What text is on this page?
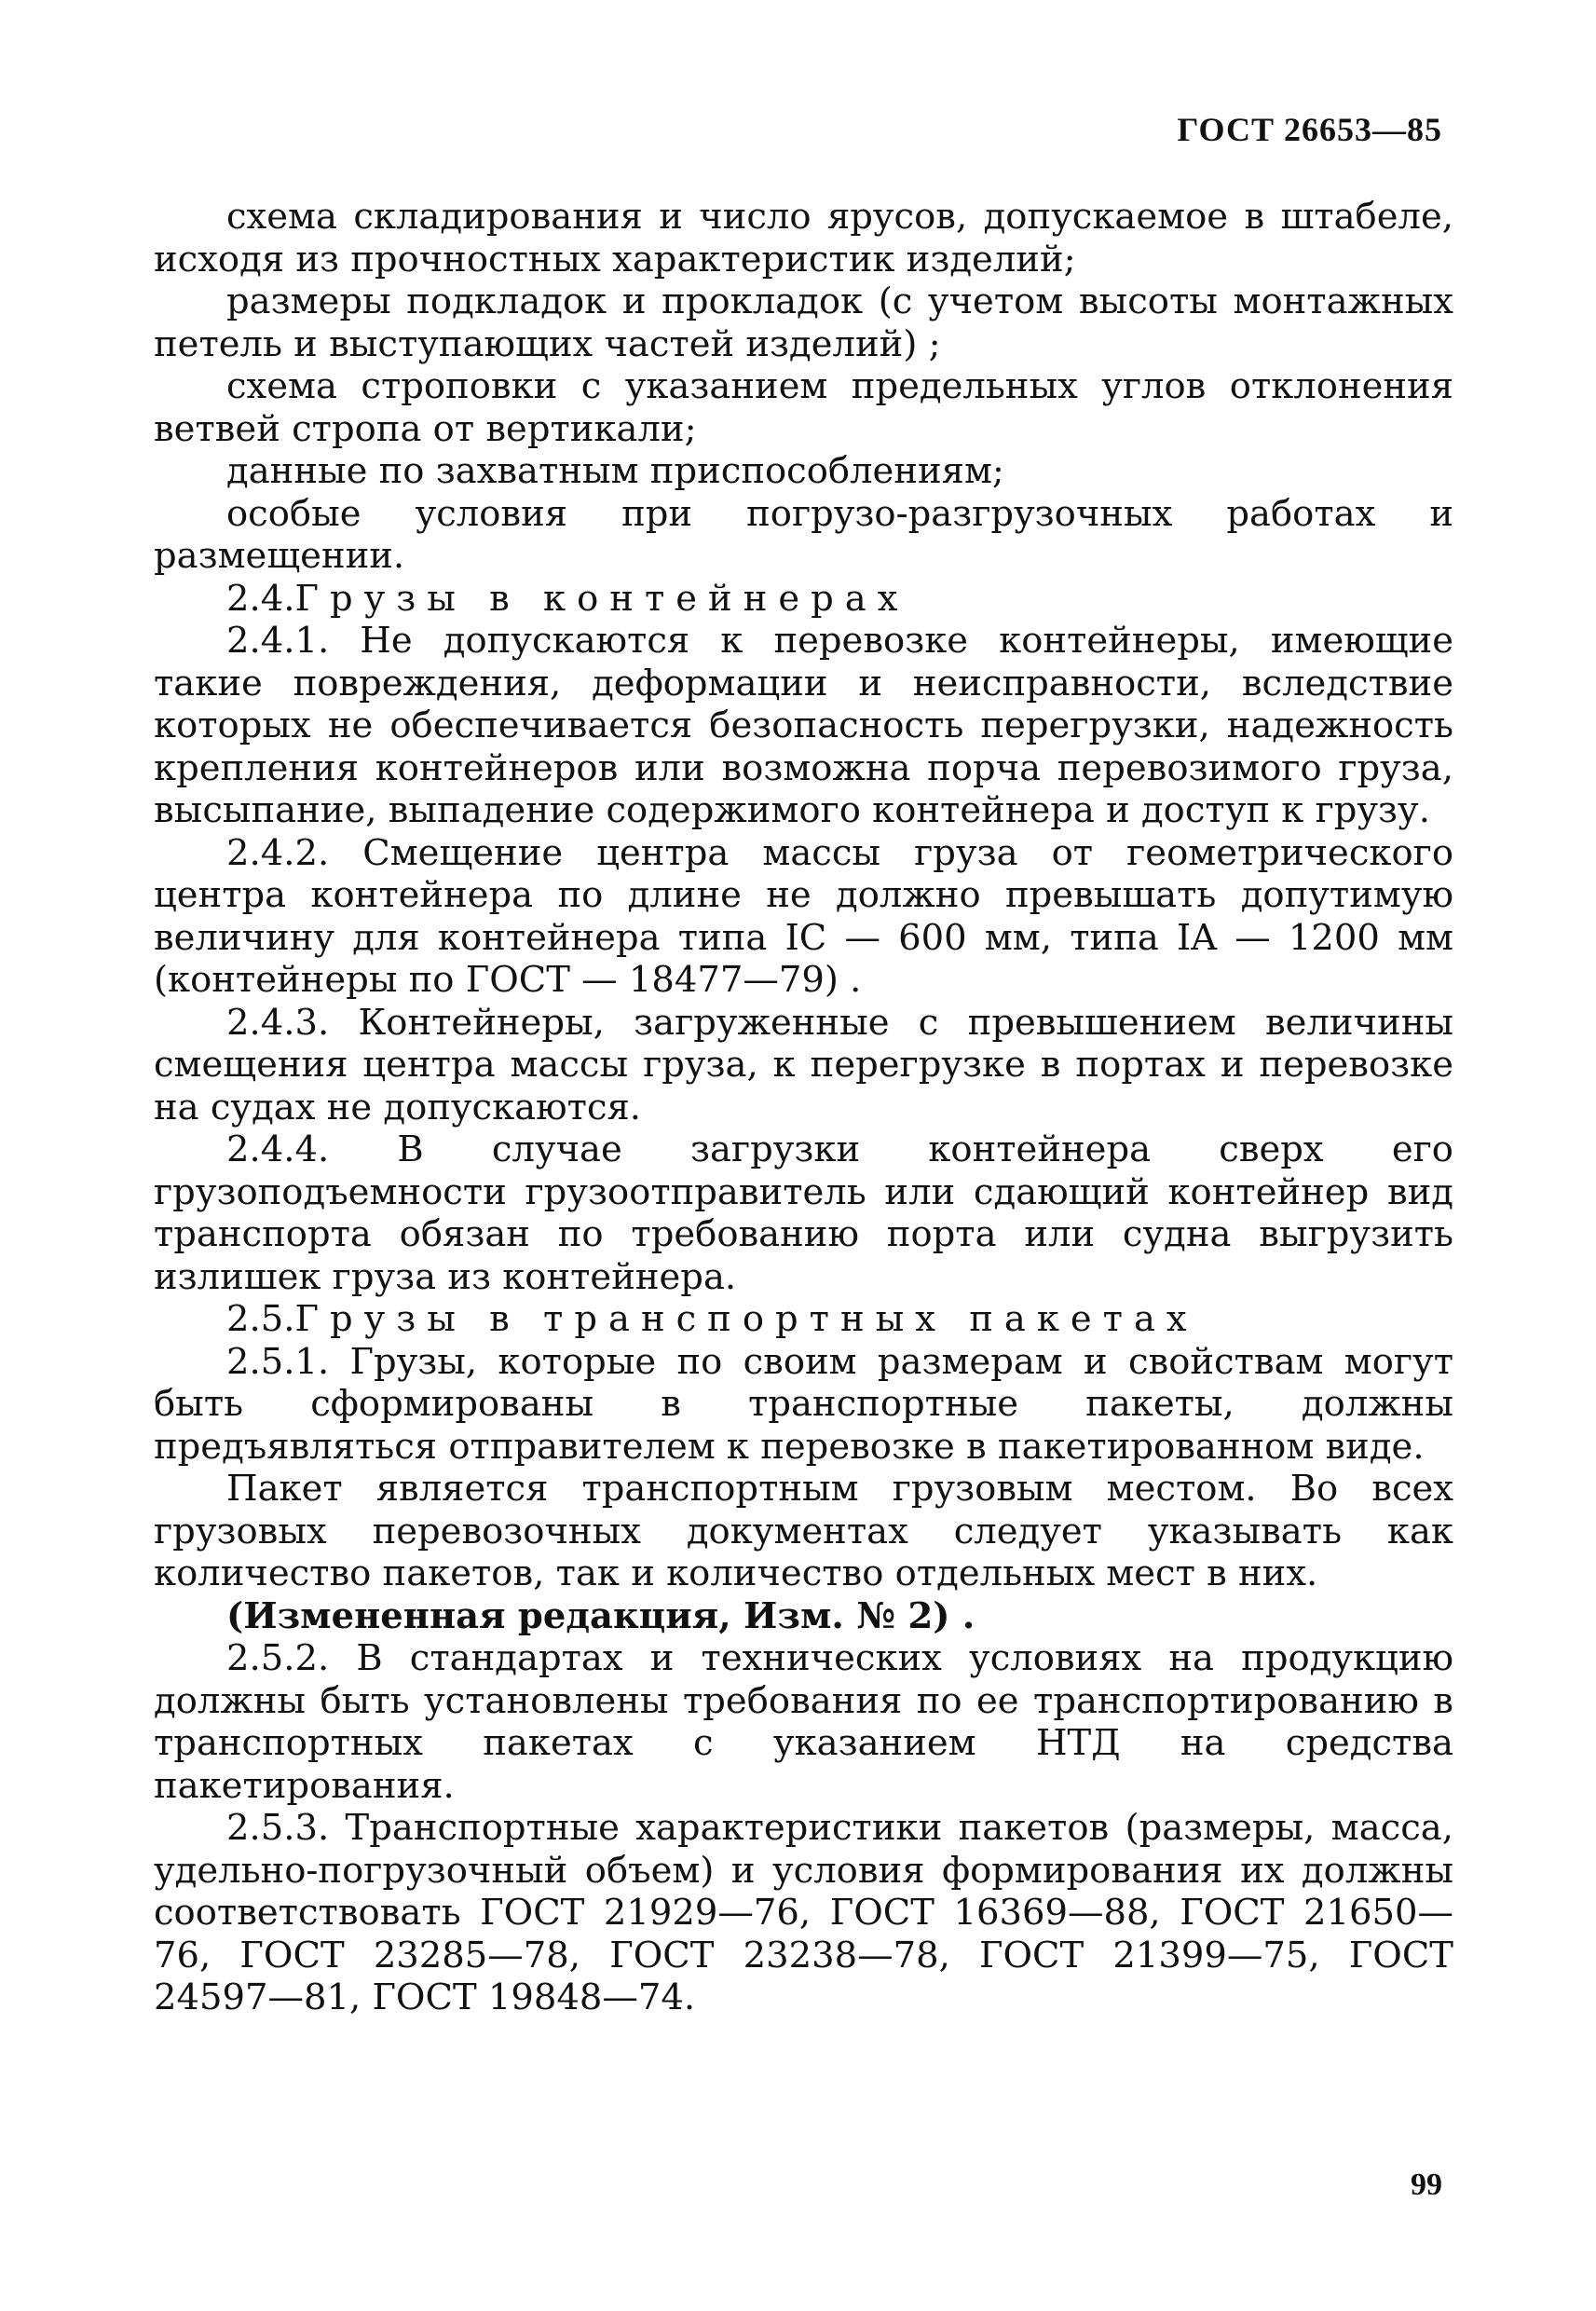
ГОСТ 26653—85

схема складирования и число ярусов, допускаемое в штабеле, исходя из прочностных характеристик изделий;

размеры подкладок и прокладок (с учетом высоты монтажных петель и выступающих частей изделий) ;

схема строповки с указанием предельных углов отклонения ветвей стропа от вертикали;

данные по захватным приспособлениям;

особые условия при погрузо-разгрузочных работах и размещении.

2.4.Грузы в контейнерах

2.4.1. Не допускаются к перевозке контейнеры, имеющие такие повреждения, деформации и неисправности, вследствие которых не обеспечивается безопасность перегрузки, надежность крепления контейнеров или возможна порча перевозимого груза, высыпание, выпадение содержимого контейнера и доступ к грузу.

2.4.2. Смещение центра массы груза от геометрического центра контейнера по длине не должно превышать допутимую величину для контейнера типа IC — 600 мм, типа IA — 1200 мм (контейнеры по ГОСТ — 18477—79) .

2.4.3. Контейнеры, загруженные с превышением величины смещения центра массы груза, к перегрузке в портах и перевозке на судах не допускаются.

2.4.4. В случае загрузки контейнера сверх его грузоподъемности грузоотправитель или сдающий контейнер вид транспорта обязан по требованию порта или судна выгрузить излишек груза из контейнера.

2.5.Грузы в транспортных пакетах

2.5.1. Грузы, которые по своим размерам и свойствам могут быть сформированы в транспортные пакеты, должны предъявляться отправителем к перевозке в пакетированном виде.

Пакет является транспортным грузовым местом. Во всех грузовых перевозочных документах следует указывать как количество пакетов, так и количество отдельных мест в них.

(Измененная редакция, Изм. № 2) .

2.5.2. В стандартах и технических условиях на продукцию должны быть установлены требования по ее транспортированию в транспортных пакетах с указанием НТД на средства пакетирования.

2.5.3. Транспортные характеристики пакетов (размеры, масса, удельно-погрузочный объем) и условия формирования их должны соответствовать ГОСТ 21929—76, ГОСТ 16369—88, ГОСТ 21650—76, ГОСТ 23285—78, ГОСТ 23238—78, ГОСТ 21399—75, ГОСТ 24597—81, ГОСТ 19848—74.

99
